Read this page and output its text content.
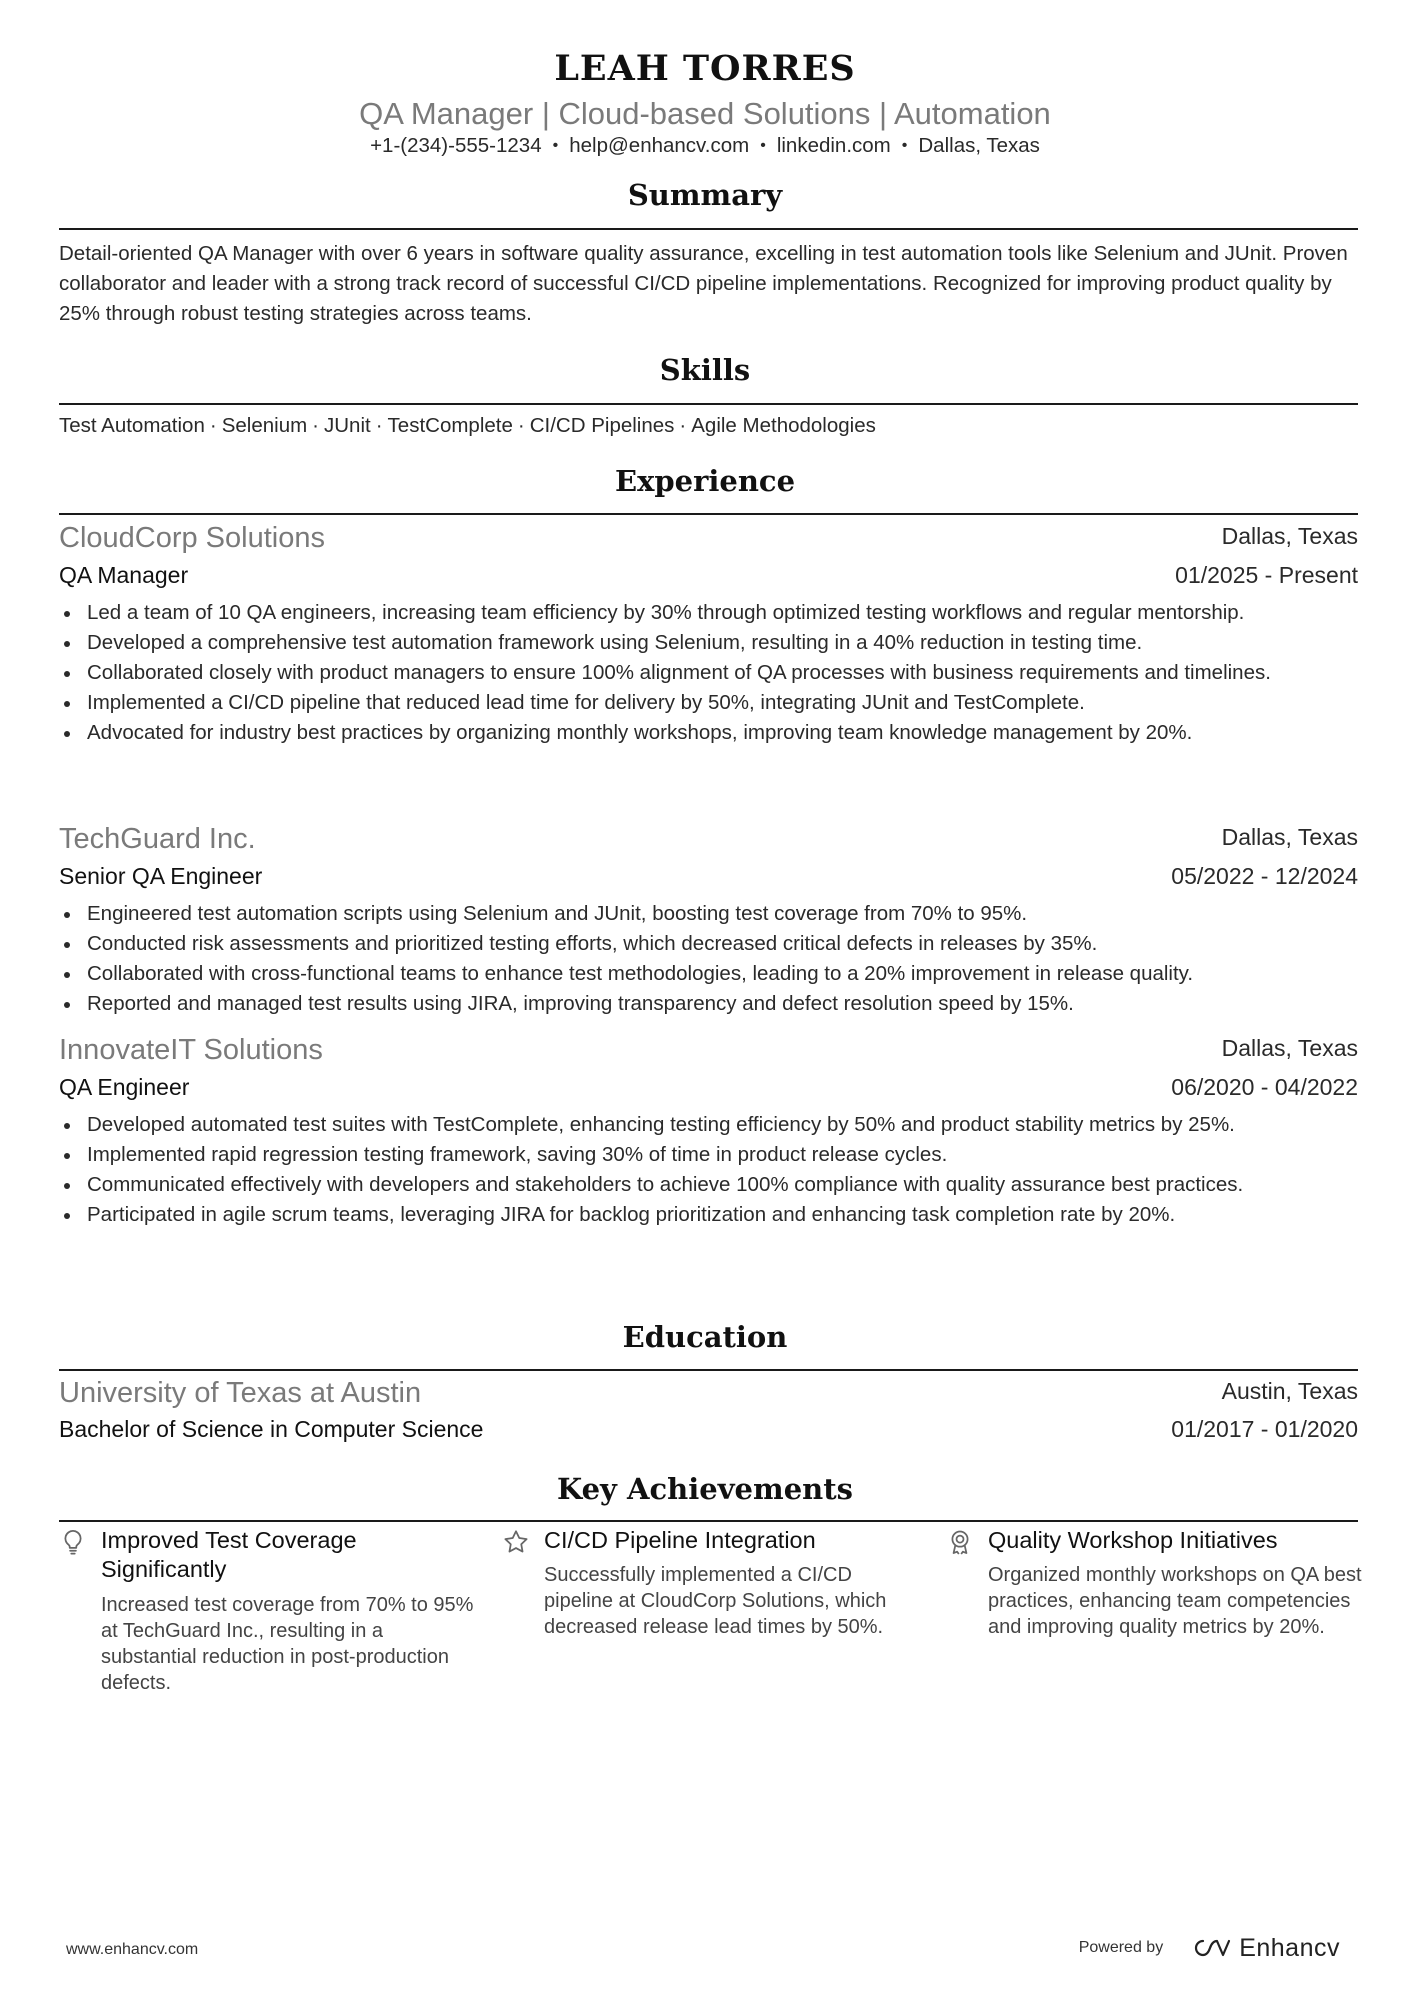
LEAH TORRES
QA Manager | Cloud-based Solutions | Automation
+1-(234)-555-1234 • help@enhancv.com • linkedin.com • Dallas, Texas
Summary
Detail-oriented QA Manager with over 6 years in software quality assurance, excelling in test automation tools like Selenium and JUnit. Proven collaborator and leader with a strong track record of successful CI/CD pipeline implementations. Recognized for improving product quality by 25% through robust testing strategies across teams.
Skills
Test Automation · Selenium · JUnit · TestComplete · CI/CD Pipelines · Agile Methodologies
Experience
CloudCorp Solutions	Dallas, Texas
QA Manager	01/2025 - Present
Led a team of 10 QA engineers, increasing team efficiency by 30% through optimized testing workflows and regular mentorship.
Developed a comprehensive test automation framework using Selenium, resulting in a 40% reduction in testing time.
Collaborated closely with product managers to ensure 100% alignment of QA processes with business requirements and timelines.
Implemented a CI/CD pipeline that reduced lead time for delivery by 50%, integrating JUnit and TestComplete.
Advocated for industry best practices by organizing monthly workshops, improving team knowledge management by 20%.
TechGuard Inc.	Dallas, Texas
Senior QA Engineer	05/2022 - 12/2024
Engineered test automation scripts using Selenium and JUnit, boosting test coverage from 70% to 95%.
Conducted risk assessments and prioritized testing efforts, which decreased critical defects in releases by 35%.
Collaborated with cross-functional teams to enhance test methodologies, leading to a 20% improvement in release quality.
Reported and managed test results using JIRA, improving transparency and defect resolution speed by 15%.
InnovateIT Solutions	Dallas, Texas
QA Engineer	06/2020 - 04/2022
Developed automated test suites with TestComplete, enhancing testing efficiency by 50% and product stability metrics by 25%.
Implemented rapid regression testing framework, saving 30% of time in product release cycles.
Communicated effectively with developers and stakeholders to achieve 100% compliance with quality assurance best practices.
Participated in agile scrum teams, leveraging JIRA for backlog prioritization and enhancing task completion rate by 20%.
Education
University of Texas at Austin	Austin, Texas
Bachelor of Science in Computer Science	01/2017 - 01/2020
Key Achievements
Improved Test Coverage Significantly
Increased test coverage from 70% to 95% at TechGuard Inc., resulting in a substantial reduction in post-production defects.
CI/CD Pipeline Integration
Successfully implemented a CI/CD pipeline at CloudCorp Solutions, which decreased release lead times by 50%.
Quality Workshop Initiatives
Organized monthly workshops on QA best practices, enhancing team competencies and improving quality metrics by 20%.
www.enhancv.com	Powered by	Enhancv
